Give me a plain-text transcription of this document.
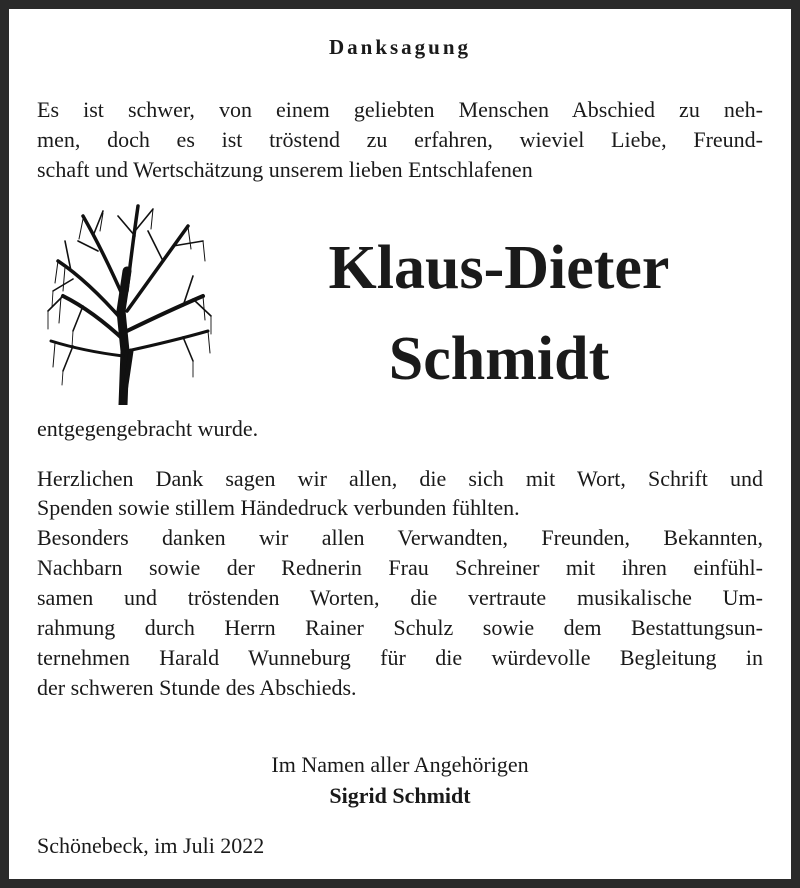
Danksagung
Es ist schwer, von einem geliebten Menschen Abschied zu neh-
men, doch es ist tröstend zu erfahren, wieviel Liebe, Freund-
schaft und Wertschätzung unserem lieben Entschlafenen
Klaus-Dieter
Schmidt
entgegengebracht wurde.
Herzlichen Dank sagen wir allen, die sich mit Wort, Schrift und
Spenden sowie stillem Händedruck verbunden fühlten.
Besonders danken wir allen Verwandten, Freunden, Bekannten,
Nachbarn sowie der Rednerin Frau Schreiner mit ihren einfühl-
samen und tröstenden Worten, die vertraute musikalische Um-
rahmung durch Herrn Rainer Schulz sowie dem Bestattungsun-
ternehmen Harald Wunneburg für die würdevolle Begleitung in
der schweren Stunde des Abschieds.
Im Namen aller Angehörigen
Sigrid Schmidt
Schönebeck, im Juli 2022
